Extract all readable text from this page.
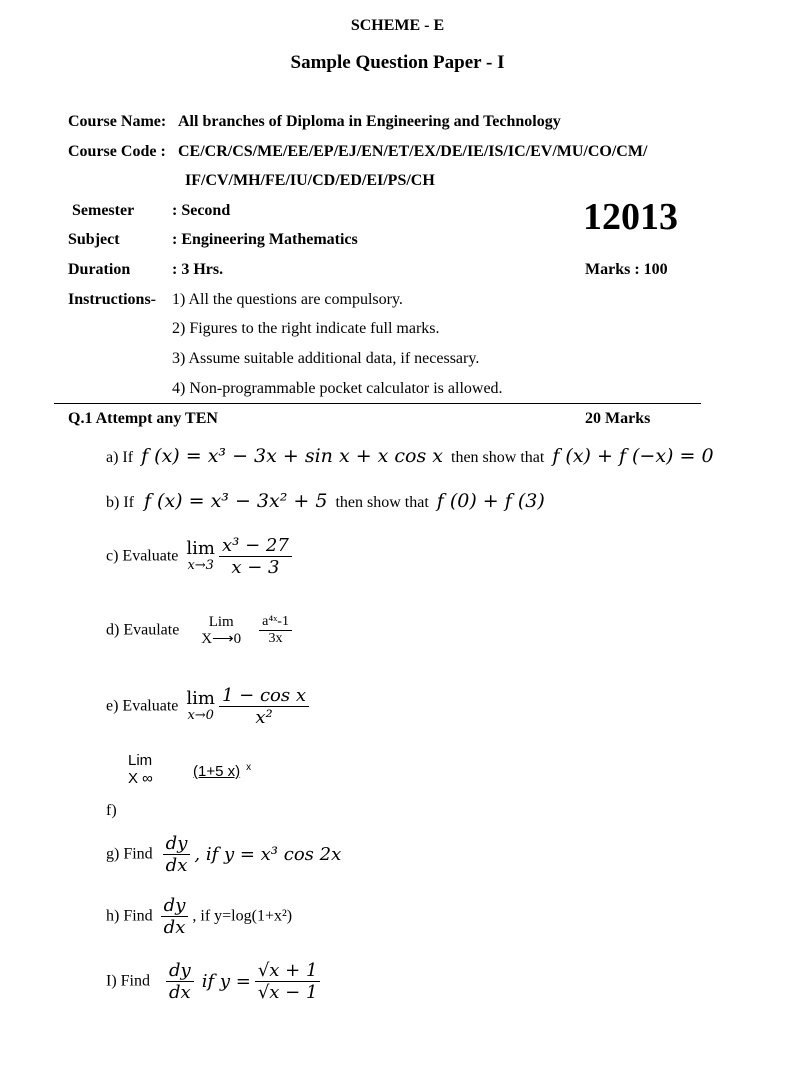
SCHEME - E
Sample Question Paper - I
Course Name: All branches of Diploma in Engineering and Technology
Course Code : CE/CR/CS/ME/EE/EP/EJ/EN/ET/EX/DE/IE/IS/IC/EV/MU/CO/CM/
IF/CV/MH/FE/IU/CD/ED/EI/PS/CH
Semester : Second
Subject	: Engineering Mathematics
Duration	: 3 Hrs.
12013
Marks : 100
Instructions- 1) All the questions are compulsory.
2) Figures to the right indicate full marks.
3) Assume suitable additional data, if necessary.
4) Non-programmable pocket calculator is allowed.
Q.1 Attempt any TEN	20 Marks
a) If f (x) = x³ − 3x + sin x + x cos x then show that f (x) + f (−x) = 0
b) If f (x) = x³ − 3x² + 5 then show that f (0) + f (3)
c) Evaluate lim
x→3
$\frac{\text{x³ − 27}}{x - 3}$
d) Evaulate Lim
X⟶0
$\frac{\text{a⁴ˣ-1}}{3x}$
e) Evaluate lim
x→0
$\frac{\text{1 − cos x}}{\text{x²}}$
Lim
X ∞	(1+5 x) $^x$
f)
g) Find $\frac{dy}{dx}$ , if y = x³ cos 2x
h) Find $\frac{dy}{dx}$ , if y=log(1+x²)
I) Find $\frac{dy}{dx}$ if $y = \frac{√x + 1}{√x - 1}$
